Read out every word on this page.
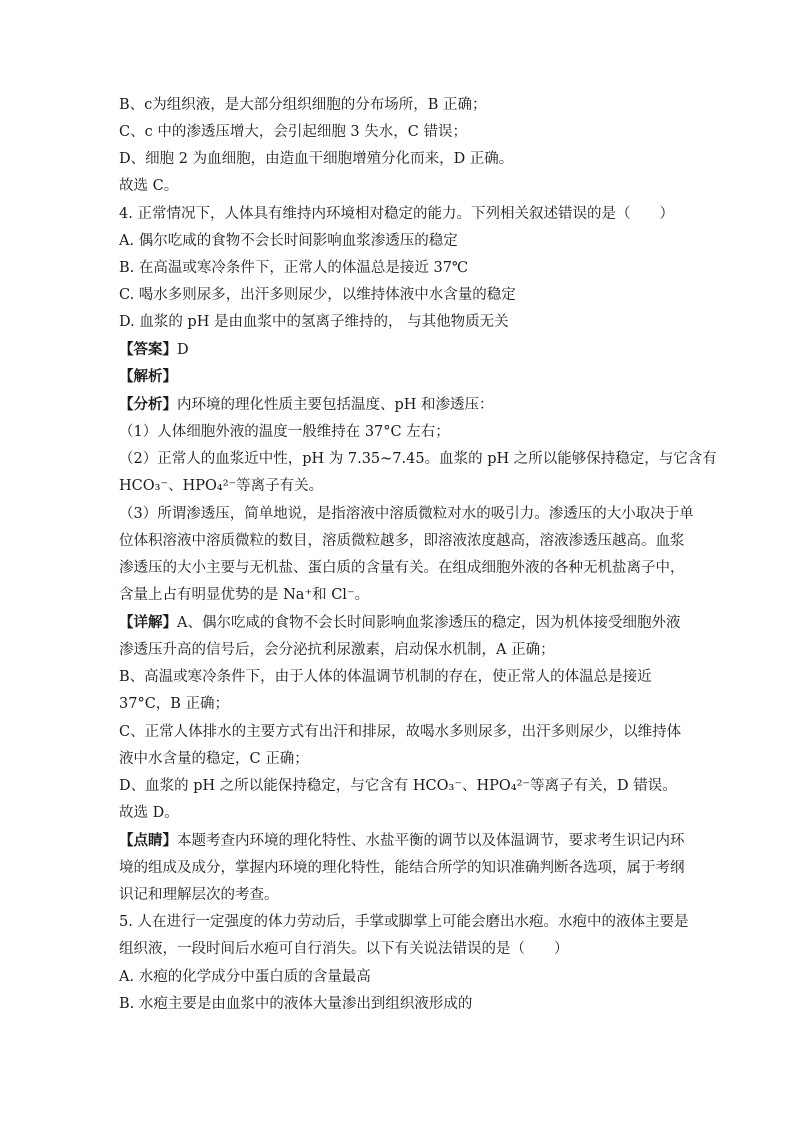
B、c为组织液，是大部分组织细胞的分布场所，B 正确；
C、c 中的渗透压增大，会引起细胞 3 失水，C 错误；
D、细胞 2 为血细胞，由造血干细胞增殖分化而来，D 正确。
故选 C。
4. 正常情况下，人体具有维持内环境相对稳定的能力。下列相关叙述错误的是（　　）
A. 偶尔吃咸的食物不会长时间影响血浆渗透压的稳定
B. 在高温或寒冷条件下，正常人的体温总是接近 37℃
C. 喝水多则尿多，出汗多则尿少，以维持体液中水含量的稳定
D. 血浆的 pH 是由血浆中的氢离子维持的， 与其他物质无关
【答案】D
【解析】
【分析】内环境的理化性质主要包括温度、pH 和渗透压：
（1）人体细胞外液的温度一般维持在 37°C 左右；
（2）正常人的血浆近中性，pH 为 7.35~7.45。血浆的 pH 之所以能够保持稳定，与它含有
HCO₃⁻、HPO₄²⁻等离子有关。
（3）所谓渗透压，简单地说，是指溶液中溶质微粒对水的吸引力。渗透压的大小取决于单
位体积溶液中溶质微粒的数目，溶质微粒越多，即溶液浓度越高，溶液渗透压越高。血浆
渗透压的大小主要与无机盐、蛋白质的含量有关。在组成细胞外液的各种无机盐离子中，
含量上占有明显优势的是 Na⁺和 Cl⁻。
【详解】A、偶尔吃咸的食物不会长时间影响血浆渗透压的稳定，因为机体接受细胞外液
渗透压升高的信号后，会分泌抗利尿激素，启动保水机制，A 正确；
B、高温或寒冷条件下，由于人体的体温调节机制的存在，使正常人的体温总是接近
37°C，B 正确；
C、正常人体排水的主要方式有出汗和排尿，故喝水多则尿多，出汗多则尿少，以维持体
液中水含量的稳定，C 正确；
D、血浆的 pH 之所以能保持稳定，与它含有 HCO₃⁻、HPO₄²⁻等离子有关，D 错误。
故选 D。
【点睛】本题考查内环境的理化特性、水盐平衡的调节以及体温调节，要求考生识记内环
境的组成及成分，掌握内环境的理化特性，能结合所学的知识准确判断各选项，属于考纲
识记和理解层次的考查。
5. 人在进行一定强度的体力劳动后，手掌或脚掌上可能会磨出水疱。水疱中的液体主要是
组织液，一段时间后水疱可自行消失。以下有关说法错误的是（　　）
A. 水疱的化学成分中蛋白质的含量最高
B. 水疱主要是由血浆中的液体大量渗出到组织液形成的
